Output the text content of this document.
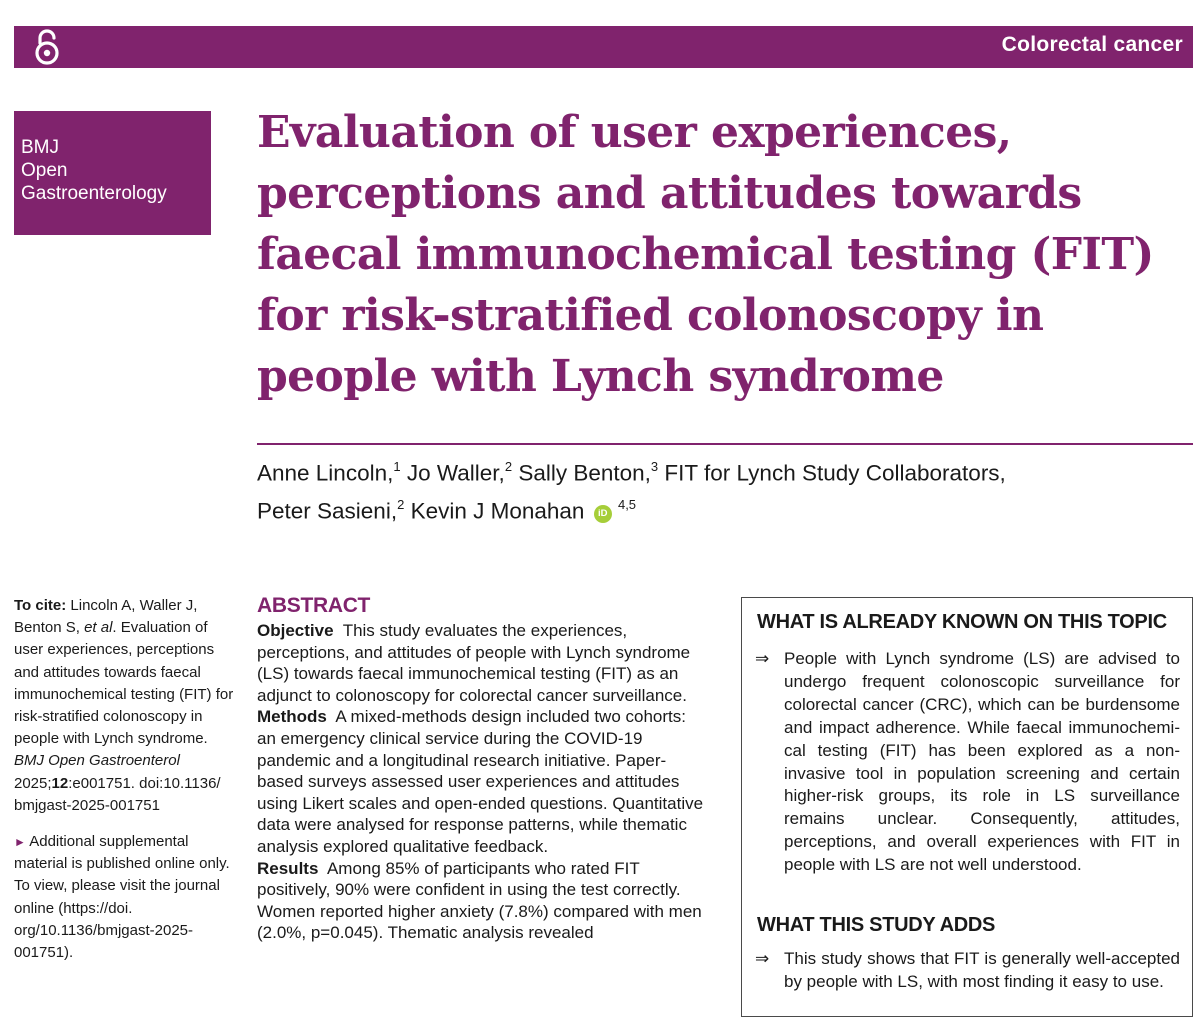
Colorectal cancer
BMJ
Open
Gastroenterology
Evaluation of user experiences, perceptions and attitudes towards faecal immunochemical testing (FIT) for risk-stratified colonoscopy in people with Lynch syndrome
Anne Lincoln,$^1$ Jo Waller,$^2$ Sally Benton,$^3$ FIT for Lynch Study Collaborators,
Peter Sasieni,$^2$ Kevin J Monahan iD $^{4,5}$

To cite: Lincoln A, Waller J, Benton S, et al. Evaluation of user experiences, perceptions and attitudes towards faecal immunochemical testing (FIT) for risk-stratified colonoscopy in people with Lynch syndrome. BMJ Open Gastroenterol 2025;12:e001751. doi:10.1136/ bmjgast-2025-001751

► Additional supplemental material is published online only. To view, please visit the journal online (https://doi. org/10.1136/bmjgast-2025- 001751).

ABSTRACT

Objective This study evaluates the experiences, perceptions, and attitudes of people with Lynch syndrome (LS) towards faecal immunochemical testing (FIT) as an adjunct to colonoscopy for colorectal cancer surveillance.

Methods A mixed-methods design included two cohorts: an emergency clinical service during the COVID-19 pandemic and a longitudinal research initiative. Paper-based surveys assessed user experiences and attitudes using Likert scales and open-ended questions. Quantitative data were analysed for response patterns, while thematic analysis explored qualitative feedback.

Results Among 85% of participants who rated FIT positively, 90% were confident in using the test correctly. Women reported higher anxiety (7.8%) compared with men (2.0%, p=0.045). Thematic analysis revealed

WHAT IS ALREADY KNOWN ON THIS TOPIC
⇒ People with Lynch syndrome (LS) are advised to undergo frequent colonoscopic surveillance for colorectal cancer (CRC), which can be burdensome and impact adherence. While faecal immunochemical testing (FIT) has been explored as a non-invasive tool in population screening and certain higher-risk groups, its role in LS surveillance remains unclear. Consequently, attitudes, perceptions, and overall experiences with FIT in people with LS are not well understood.
WHAT THIS STUDY ADDS
⇒ This study shows that FIT is generally well-accepted by people with LS, with most finding it easy to use.
